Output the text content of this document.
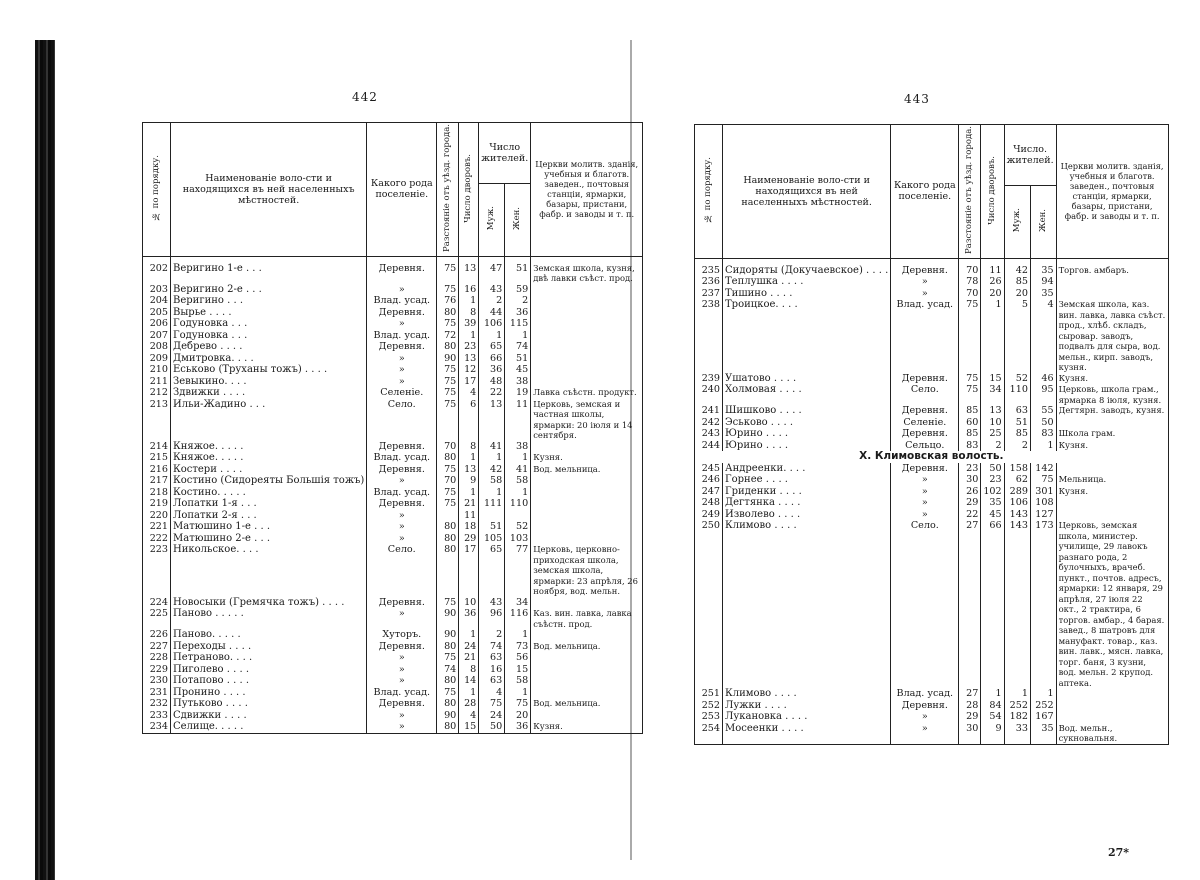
442	443
№ по порядку.	Наименованіе воло-сти и находящихся въ ней населенныхъ мѣстностей.	Какого рода поселеніе.	Разстояніе отъ уѣзд. города.	Число дворовъ.	Число жителей.		Церкви молитв. зданія, учебныя и благотв. заведен., почтовыя станціи, ярмарки, базары, пристани, фабр. и заводы и т. п.
					Муж.	Жен.	
202	Веригино 1-е . . .	Деревня.	75	13	47	51	Земская школа, кузня, двѣ лавки съѣст. прод.
203	Веригино 2-е . . .	»	75	16	43	59	
204	Веригино . . .	Влад. усад.	76	1	2	2	
205	Вырье . . . .	Деревня.	80	8	44	36	
206	Годуновка . . .	»	75	39	106	115	
207	Годуновка . . .	Влад. усад.	72	1	1	1	
208	Дебрево . . . .	Деревня.	80	23	65	74	
209	Дмитровка. . . .	»	90	13	66	51	
210	Еськово (Труханы тожъ) . . . .	»	75	12	36	45	
211	Зевыкино. . . .	»	75	17	48	38	
212	Здвижки . . . .	Селеніе.	75	4	22	19	Лавка съѣстн. продукт.
213	Ильи-Жадино . . .	Село.	75	6	13	11	Церковь, земская и частная школы, ярмарки: 20 іюля и 14 сентября.
214	Княжое. . . . .	Деревня.	70	8	41	38	
215	Княжое. . . . .	Влад. усад.	80	1	1	1	Кузня.
216	Костери . . . .	Деревня.	75	13	42	41	Вод. мельница.
217	Костино (Сидореяты Большія тожъ)	»	70	9	58	58	
218	Костино. . . . .	Влад. усад.	75	1	1	1	
219	Лопатки 1-я . . .	Деревня.	75	21	111	110	
220	Лопатки 2-я . . .	»		11			
221	Матюшино 1-е . . .	»	80	18	51	52	
222	Матюшино 2-е . . .	»	80	29	105	103	
223	Никольское. . . .	Село.	80	17	65	77	Церковь, церковно-приходская школа, земская школа, ярмарки: 23 апрѣля, 26 ноября, вод. мельн.
224	Новосыки (Гремячка тожъ) . . . .	Деревня.	75	10	43	34	
225	Паново . . . . .	»	90	36	96	116	Каз. вин. лавка, лавка съѣстн. прод.
226	Паново. . . . .	Хуторъ.	90	1	2	1	
227	Переходы . . . .	Деревня.	80	24	74	73	Вод. мельница.
228	Петраново. . . .	»	75	21	63	56	
229	Пиголево . . . .	»	74	8	16	15	
230	Потапово . . . .	»	80	14	63	58	
231	Пронино . . . .	Влад. усад.	75	1	4	1	
232	Путьково . . . .	Деревня.	80	28	75	75	Вод. мельница.
233	Сдвижки . . . .	»	90	4	24	20	
234	Селище. . . . .	»	80	15	50	36	Кузня.
№ по порядку.	Наименованіе воло-сти и находящихся въ ней населенныхъ мѣстностей.	Какого рода поселеніе.	Разстояніе отъ уѣзд. города.	Число дворовъ.	Число. жителей.		Церкви молитв. зданія, учебныя и благотв. заведен., почтовыя станціи, ярмарки, базары, пристани, фабр. и заводы и т. п.
					Муж.	Жен.	
235	Сидоряты (Докучаевское) . . . .	Деревня.	70	11	42	35	Торгов. амбаръ.
236	Теплушка . . . .	»	78	26	85	94	
237	Тишино . . . .	»	70	20	20	35	
238	Троицкое. . . .	Влад. усад.	75	1	5	4	Земская школа, каз. вин. лавка, лавка съѣст. прод., хлѣб. складъ, сыровар. заводъ, подвалъ для сыра, вод. мельн., кирп. заводъ, кузня.
239	Ушатово . . . .	Деревня.	75	15	52	46	Кузня.
240	Холмовая . . . .	Село.	75	34	110	95	Церковь, школа грам., ярмарка 8 іюля, кузня.
241	Шишково . . . .	Деревня.	85	13	63	55	Дегтярн. заводъ, кузня.
242	Эськово . . . .	Селеніе.	60	10	51	50	
243	Юрино . . . .	Деревня.	85	25	85	83	Школа грам.
244	Юрино . . . .	Сельцо.	83	2	2	1	Кузня.
X. Климовская волость.							
245	Андреенки. . . .	Деревня.	23	50	158	142	
246	Горнее . . . .	»	30	23	62	75	Мельница.
247	Гриденки . . . .	»	26	102	289	301	Кузня.
248	Дегтянка . . . .	»	29	35	106	108	
249	Изволево . . . .	»	22	45	143	127	
250	Климово . . . .	Село.	27	66	143	173	Церковь, земская школа, министер. училище, 29 лавокъ разнаго рода, 2 булочныхъ, врачеб. пункт., почтов. адресъ, ярмарки: 12 января, 29 апрѣля, 27 іюля 22 окт., 2 трактира, 6 торгов. амбар., 4 барая. завед., 8 шатровъ для мануфакт. товар., каз. вин. лавк., мясн. лавка, торг. баня, 3 кузни, вод. мельн. 2 крупод. аптека.
251	Климово . . . .	Влад. усад.	27	1	1	1	
252	Лужки . . . .	Деревня.	28	84	252	252	
253	Лукановка . . . .	»	29	54	182	167	
254	Мосеенки . . . .	»	30	9	33	35	Вод. мельн., сукновальня.
27*
